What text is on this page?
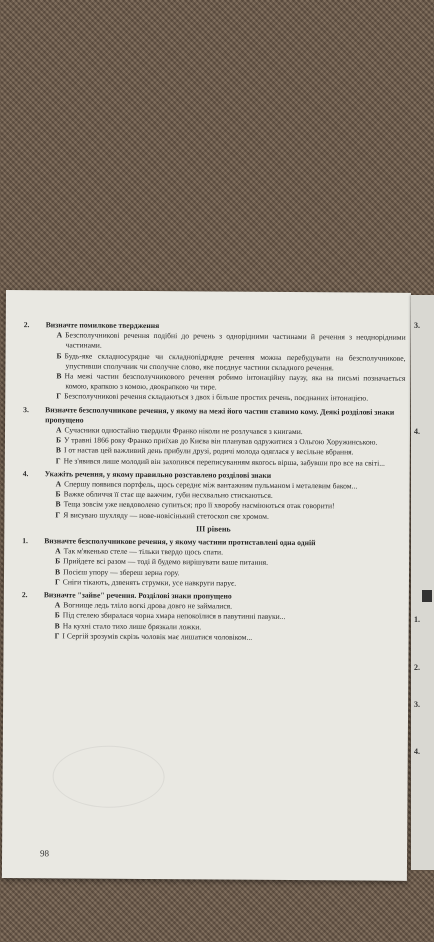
2.	Визначте помилкове твердження
А Безсполучникові речення подібні до речень з однорідними частинами й речення з неоднорідними частинами.
Б Будь-яке складносурядне чи складнопідрядне речення можна перебудувати на безсполучникове, упустивши сполучник чи сполучне слово, яке поєднує частини складного речення.
В На межі частин безсполучникового речення робимо інтонаційну паузу, яка на письмі позначається комою, крапкою з комою, двокрапкою чи тире.
Г Безсполучникові речення складаються з двох і більше простих речень, поєднаних інтонацією.
3.	Визначте безсполучникове речення, у якому на межі його частин ставимо кому. Деякі розділові знаки пропущено
А Сучасники одностайно твердили Франко ніколи не розлучався з книгами.
Б У травні 1866 року Франко приїхав до Києва він планував одружитися з Ольгою Хоружинською.
В І от настав цей важливий день прибули друзі, родичі молода одяглася у весільне вбрання.
Г Не з'явився лише молодий він захопився переписуванням якогось вірша, забувши про все на світі...
4.	Укажіть речення, у якому правильно розставлено розділові знаки
А Спершу появився портфель, щось середнє між вантажним пульманом і металевим баком...
Б Важке обличчя її стає ще важчим, губи несхвально стискаються.
В Теща зовсім уже невдоволено супиться; про її хворобу насміюються отак говорити!
Г Я висуваю шухляду — нове-новісінький стетоскоп сяє хромом.
ІІІ рівень
1.	Визначте безсполучникове речення, у якому частини протиставлені одна одній
А Так м'якенько стеле — тільки твердо щось спати.
Б Прийдете всі разом — тоді й будемо вирішувати ваше питання.
В Посієш упору — збереш зерна гору.
Г Сніги тікають, дзвенять струмки, усе навкруги парує.
2.	Визначте "зайве" речення. Розділові знаки пропущено
А Вогнище ледь тліло вогкі дрова довго не займалися.
Б Під стелею збиралася чорна хмара непокоїлися в павутинні павуки...
В На кухні стало тихо лише брязкали ложки.
Г І Сергій зрозумів скрізь чоловік має лишатися чоловіком...
98
3.
4.
1.
2.
3.
4.
